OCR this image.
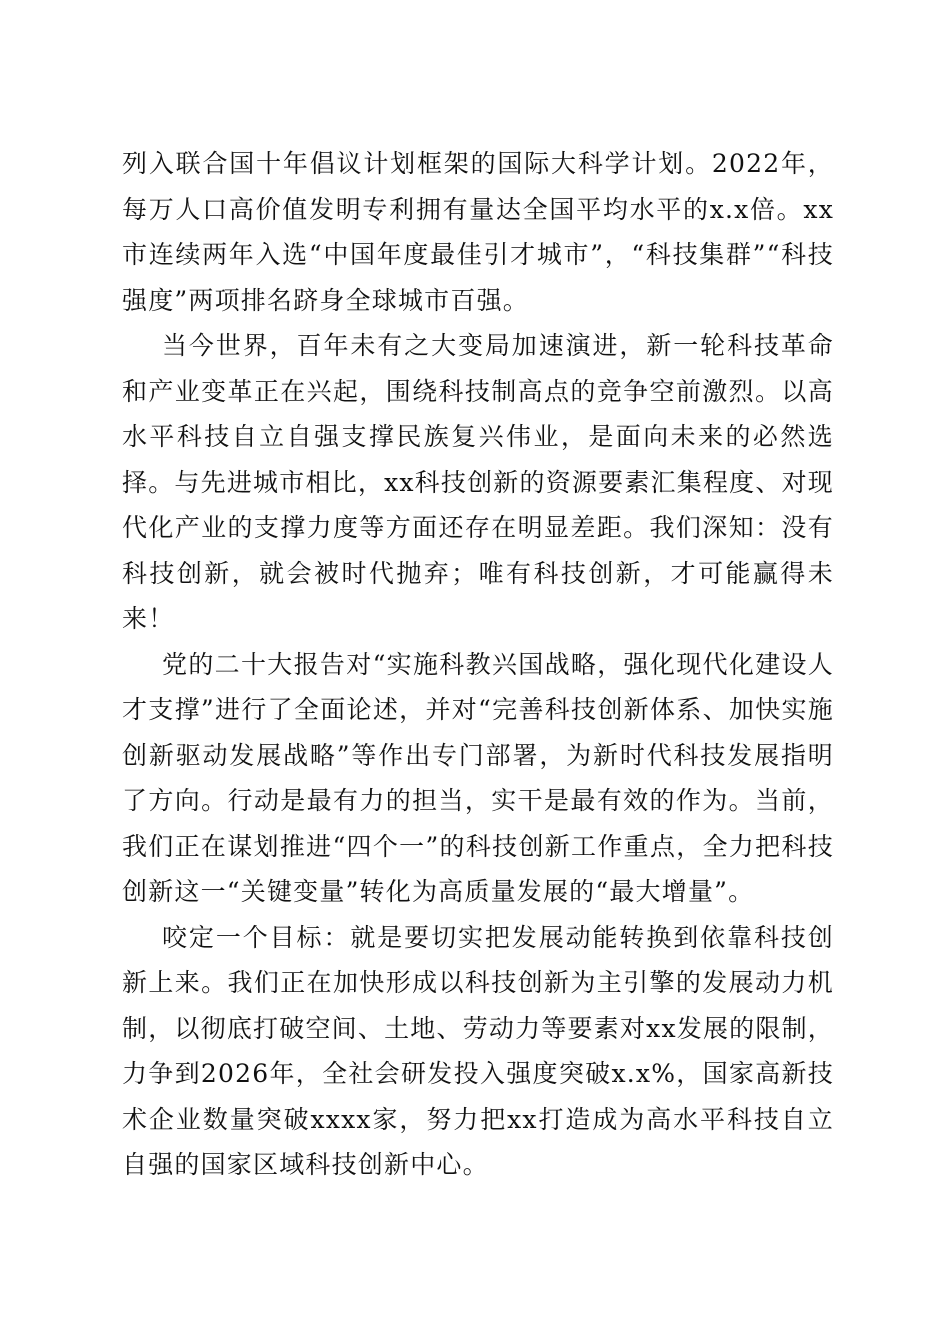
列入联合国十年倡议计划框架的国际大科学计划。2022年，每万人口高价值发明专利拥有量达全国平均水平的x.x倍。xx市连续两年入选“中国年度最佳引才城市”，“科技集群”“科技强度”两项排名跻身全球城市百强。

当今世界，百年未有之大变局加速演进，新一轮科技革命和产业变革正在兴起，围绕科技制高点的竞争空前激烈。以高水平科技自立自强支撑民族复兴伟业，是面向未来的必然选择。与先进城市相比，xx科技创新的资源要素汇集程度、对现代化产业的支撑力度等方面还存在明显差距。我们深知：没有科技创新，就会被时代抛弃；唯有科技创新，才可能赢得未来！

党的二十大报告对“实施科教兴国战略，强化现代化建设人才支撑”进行了全面论述，并对“完善科技创新体系、加快实施创新驱动发展战略”等作出专门部署，为新时代科技发展指明了方向。行动是最有力的担当，实干是最有效的作为。当前，我们正在谋划推进“四个一”的科技创新工作重点，全力把科技创新这一“关键变量”转化为高质量发展的“最大增量”。

咬定一个目标：就是要切实把发展动能转换到依靠科技创新上来。我们正在加快形成以科技创新为主引擎的发展动力机制，以彻底打破空间、土地、劳动力等要素对xx发展的限制，力争到2026年，全社会研发投入强度突破x.x%，国家高新技术企业数量突破xxxx家，努力把xx打造成为高水平科技自立自强的国家区域科技创新中心。
